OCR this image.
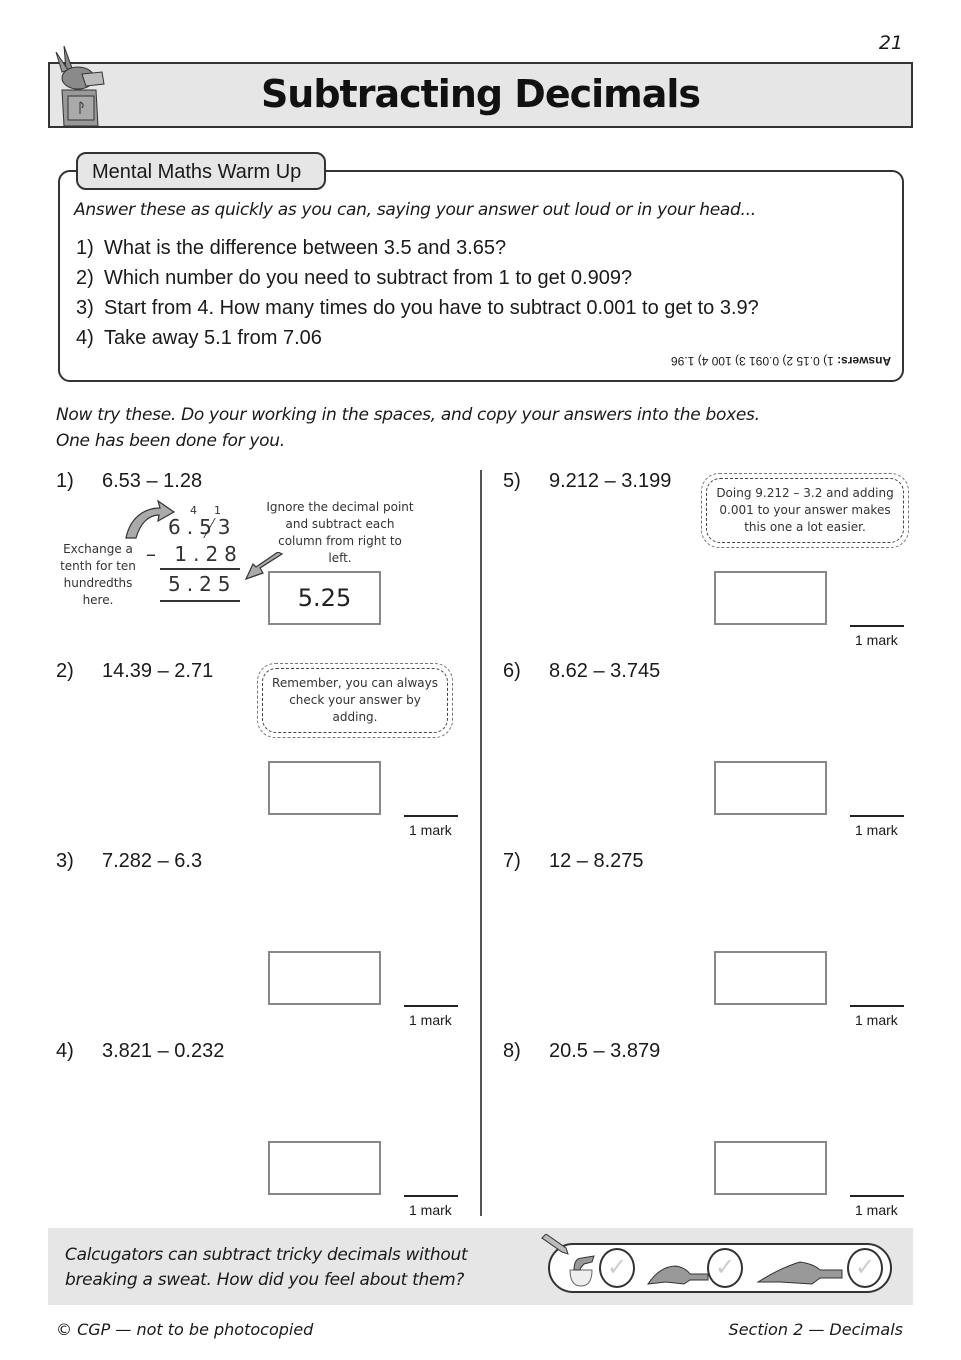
21
Subtracting Decimals
Mental Maths Warm Up
Answer these as quickly as you can, saying your answer out loud or in your head...
1) What is the difference between 3.5 and 3.65?
2) Which number do you need to subtract from 1 to get 0.909?
3) Start from 4. How many times do you have to subtract 0.001 to get to 3.9?
4) Take away 5.1 from 7.06
Answers: 1) 0.15 2) 0.091 3) 100 4) 1.96
Now try these. Do your working in the spaces, and copy your answers into the boxes.
One has been done for you.
1) 6.53 – 1.28
4 1
6.53
– 1.28
5.25
Exchange a tenth for ten hundredths here.
Ignore the decimal point and subtract each column from right to left.
5.25
2) 14.39 – 2.71
Remember, you can always check your answer by adding.
1 mark
3) 7.282 – 6.3
1 mark
4) 3.821 – 0.232
1 mark
5) 9.212 – 3.199
Doing 9.212 – 3.2 and adding 0.001 to your answer makes this one a lot easier.
1 mark
6) 8.62 – 3.745
1 mark
7) 12 – 8.275
1 mark
8) 20.5 – 3.879
1 mark
Calcugators can subtract tricky decimals without
breaking a sweat. How did you feel about them?	✓	✓	✓
© CGP — not to be photocopied	Section 2 — Decimals
